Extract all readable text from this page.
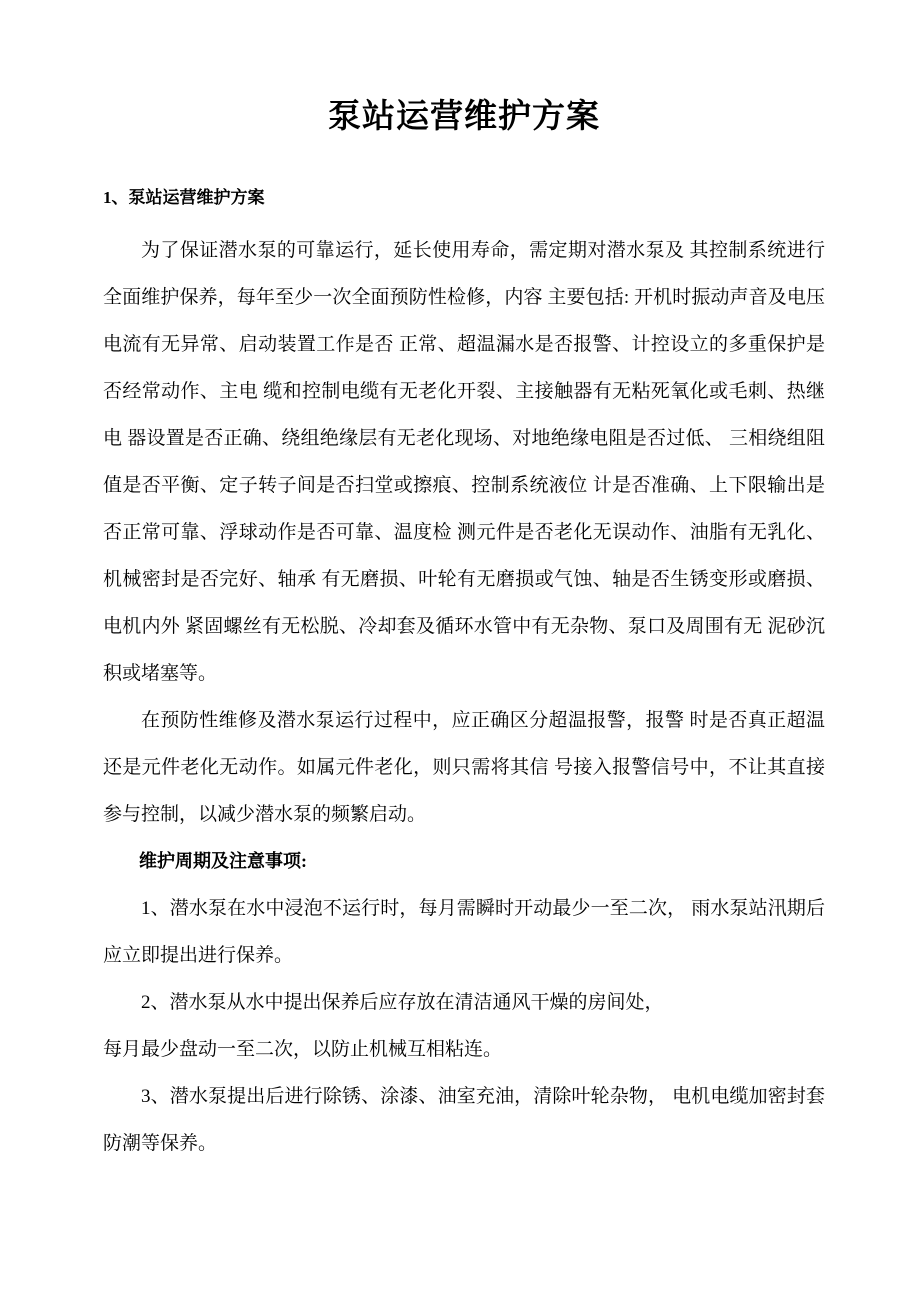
泵站运营维护方案
1、泵站运营维护方案

为了保证潜水泵的可靠运行，延长使用寿命，需定期对潜水泵及 其控制系统进行全面维护保养，每年至少一次全面预防性检修，内容 主要包括: 开机时振动声音及电压电流有无异常、启动装置工作是否 正常、超温漏水是否报警、计控设立的多重保护是否经常动作、主电 缆和控制电缆有无老化开裂、主接触器有无粘死氧化或毛刺、热继电 器设置是否正确、绕组绝缘层有无老化现场、对地绝缘电阻是否过低、 三相绕组阻值是否平衡、定子转子间是否扫堂或擦痕、控制系统液位 计是否准确、上下限输出是否正常可靠、浮球动作是否可靠、温度检 测元件是否老化无误动作、油脂有无乳化、机械密封是否完好、轴承 有无磨损、叶轮有无磨损或气蚀、轴是否生锈变形或磨损、电机内外 紧固螺丝有无松脱、冷却套及循环水管中有无杂物、泵口及周围有无 泥砂沉积或堵塞等。

在预防性维修及潜水泵运行过程中，应正确区分超温报警，报警 时是否真正超温还是元件老化无动作。如属元件老化，则只需将其信 号接入报警信号中，不让其直接参与控制，以减少潜水泵的频繁启动。

维护周期及注意事项:

1、潜水泵在水中浸泡不运行时，每月需瞬时开动最少一至二次， 雨水泵站汛期后应立即提出进行保养。

2、潜水泵从水中提出保养后应存放在清洁通风干燥的房间处，

每月最少盘动一至二次，以防止机械互相粘连。

3、潜水泵提出后进行除锈、涂漆、油室充油，清除叶轮杂物， 电机电缆加密封套防潮等保养。
